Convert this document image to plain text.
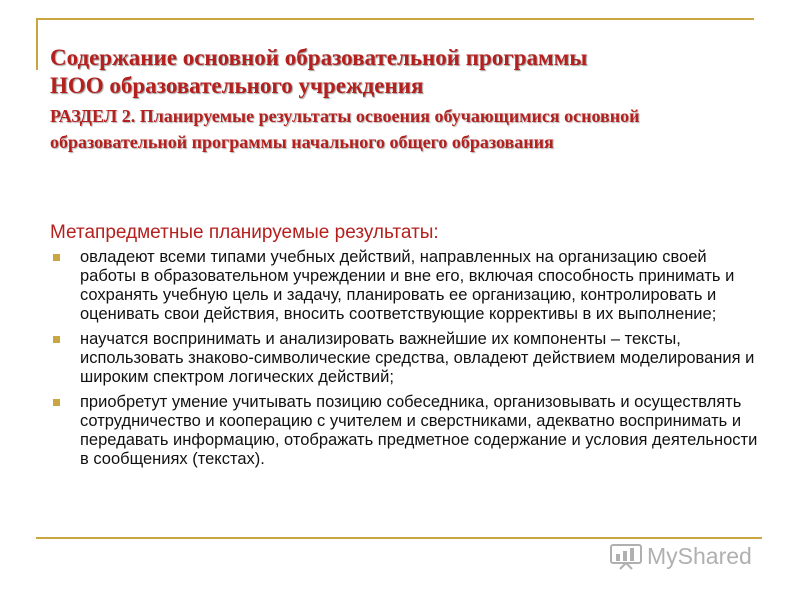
Содержание основной образовательной программы
НОО образовательного учреждения
РАЗДЕЛ 2. Планируемые результаты освоения обучающимися основной образовательной программы начального общего образования
Метапредметные планируемые результаты:
овладеют всеми типами учебных действий, направленных на организацию своей работы в образовательном учреждении и вне его, включая способность принимать и сохранять учебную цель и задачу, планировать ее организацию, контролировать и оценивать свои действия, вносить соответствующие коррективы в их выполнение;
научатся воспринимать и анализировать важнейшие их компоненты – тексты, использовать знаково-символические средства, овладеют действием моделирования и широким спектром логических действий;
приобретут умение учитывать позицию собеседника, организовывать и осуществлять сотрудничество и кооперацию с учителем и сверстниками, адекватно воспринимать и передавать информацию, отображать предметное содержание и условия деятельности в сообщениях (текстах).
MyShared
